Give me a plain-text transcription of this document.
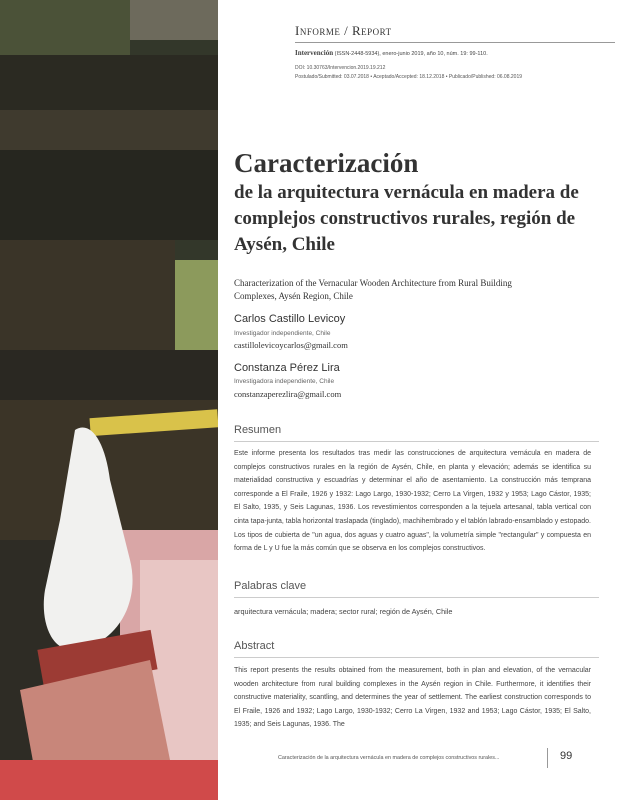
Informe / Report
Intervención (ISSN-2448-5934), enero-junio 2019, año 10, núm. 19: 99-110.
DOI: 10.30763/Intervencion.2019.19.212
Postulado/Submitted: 03.07.2018 • Aceptado/Accepted: 18.12.2018 • Publicado/Published: 06.08.2019
Caracterización
de la arquitectura vernácula en madera de complejos constructivos rurales, región de Aysén, Chile
Characterization of the Vernacular Wooden Architecture from Rural Building Complexes, Aysén Region, Chile
Carlos Castillo Levicoy
Investigador independiente, Chile
castillolevicoycarlos@gmail.com
Constanza Pérez Lira
Investigadora independiente, Chile
constanzaperezlira@gmail.com
Resumen
Este informe presenta los resultados tras medir las construcciones de arquitectura vernácula en madera de complejos constructivos rurales en la región de Aysén, Chile, en planta y elevación; además se identifica su materialidad constructiva y escuadrías y determinar el año de asentamiento. La construcción más temprana corresponde a El Fraile, 1926 y 1932: Lago Largo, 1930-1932; Cerro La Virgen, 1932 y 1953; Lago Cástor, 1935; El Salto, 1935, y Seis Lagunas, 1936. Los revestimientos corresponden a la tejuela artesanal, tabla vertical con cinta tapa-junta, tabla horizontal traslapada (tinglado), machihembrado y el tablón labrado-ensamblado y estopado. Los tipos de cubierta de "un agua, dos aguas y cuatro aguas", la volumetría simple "rectangular" y compuesta en forma de L y U fue la más común que se observa en los complejos constructivos.
Palabras clave
arquitectura vernácula; madera; sector rural; región de Aysén, Chile
Abstract
This report presents the results obtained from the measurement, both in plan and elevation, of the vernacular wooden architecture from rural building complexes in the Aysén region in Chile. Furthermore, it identifies their constructive materiality, scantling, and determines the year of settlement. The earliest construction corresponds to El Fraile, 1926 and 1932; Lago Largo, 1930-1932; Cerro La Virgen, 1932 and 1953; Lago Cástor, 1935; El Salto, 1935; and Seis Lagunas, 1936. The
Caracterización de la arquitectura vernácula en madera de complejos constructivos rurales...	99
